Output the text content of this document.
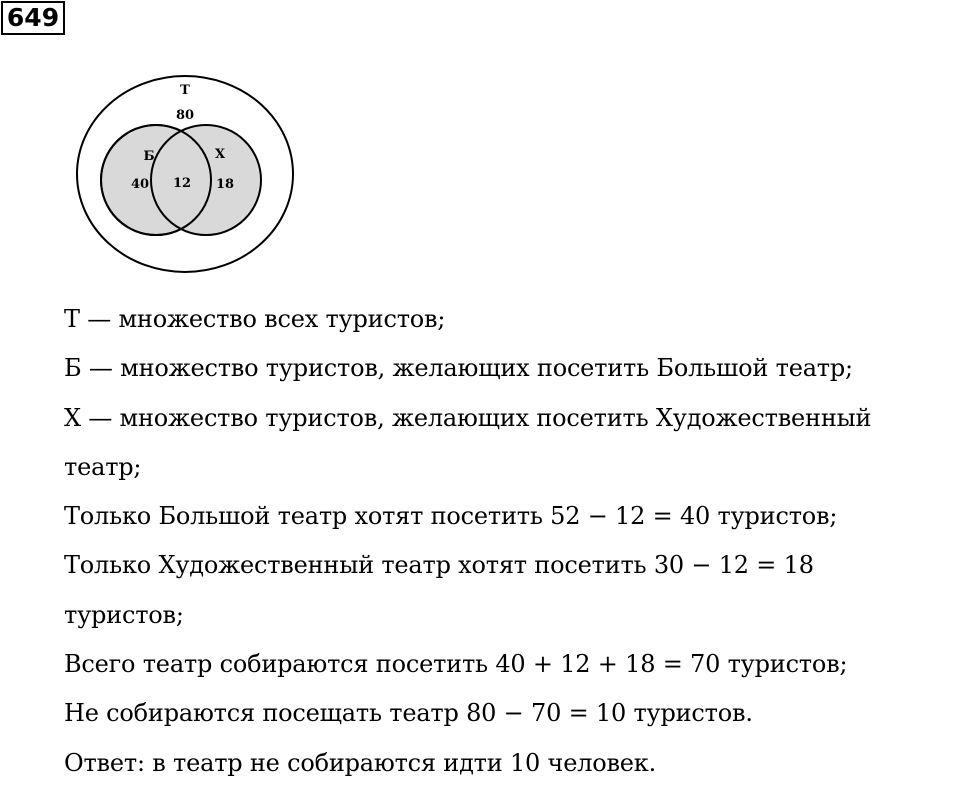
649
Т
80
Б
40 12
Х
18
Т — множество всех туристов;
Б — множество туристов, желающих посетить Большой театр;
Х — множество туристов, желающих посетить Художественный
театр;
Только Большой театр хотят посетить 52 − 12 = 40 туристов;
Только Художественный театр хотят посетить 30 − 12 = 18
туристов;
Всего театр собираются посетить 40 + 12 + 18 = 70 туристов;
Не собираются посещать театр 80 − 70 = 10 туристов.
Ответ: в театр не собираются идти 10 человек.
